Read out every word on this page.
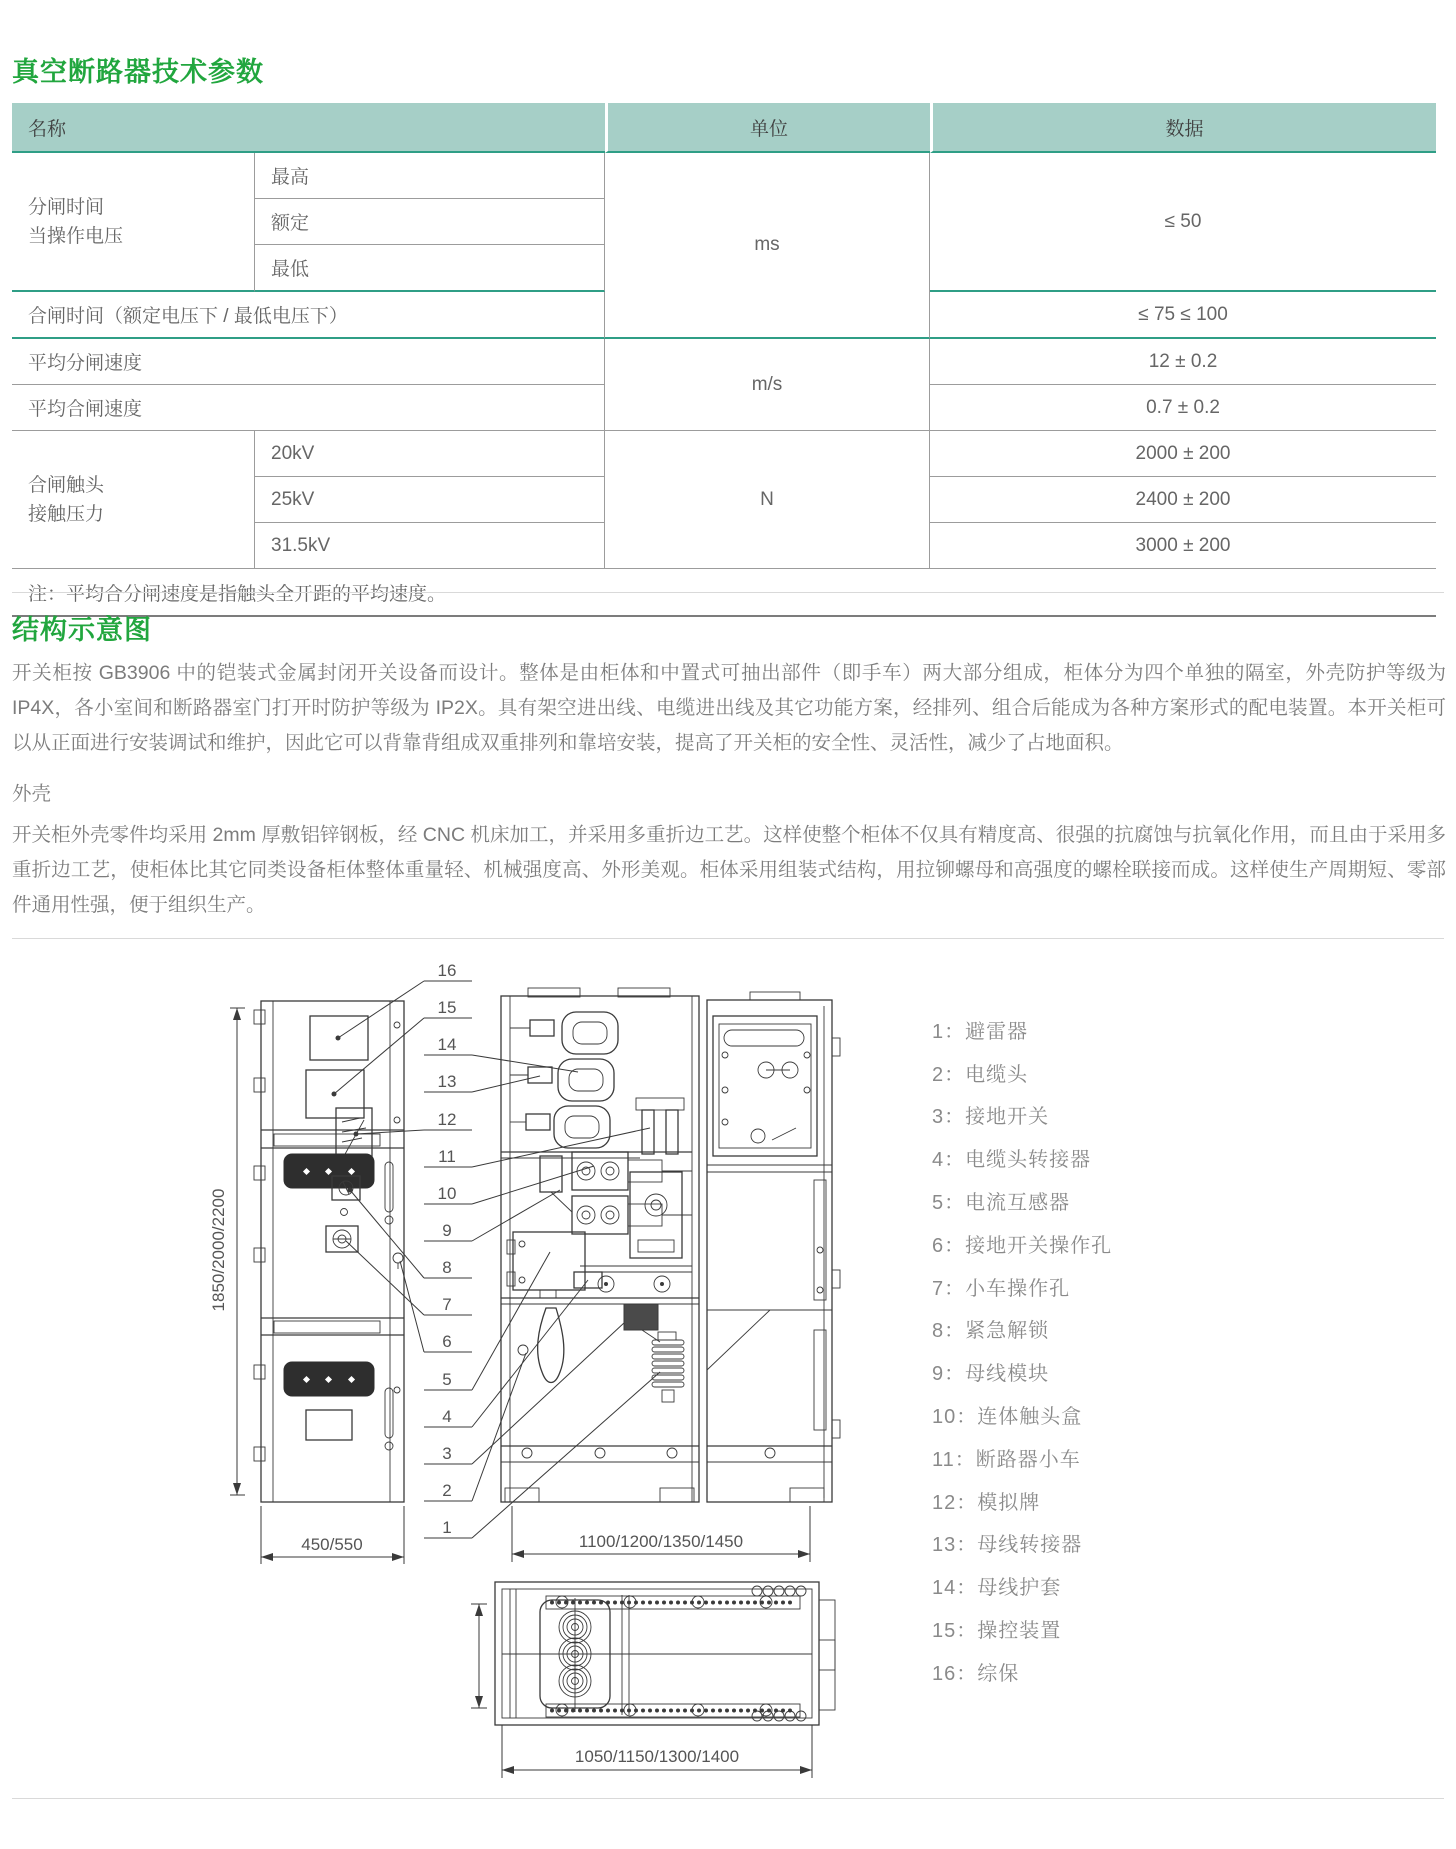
真空断路器技术参数
名称		单位	数据

分闸时间
当操作电压	最高	ms	≤ 50
	额定		
	最低		
合闸时间（额定电压下 / 最低电压下）			≤ 75 ≤ 100
平均分闸速度		m/s	12 ± 0.2
平均合闸速度			0.7 ± 0.2

合闸触头
接触压力	20kV	N	2000 ± 200
	25kV		2400 ± 200
	31.5kV		3000 ± 200
注：平均合分闸速度是指触头全开距的平均速度。			
结构示意图
开关柜按 GB3906 中的铠装式金属封闭开关设备而设计。整体是由柜体和中置式可抽出部件（即手车）两大部分组成，柜体分为四个单独的隔室，外壳防护等级为 IP4X，各小室间和断路器室门打开时防护等级为 IP2X。具有架空进出线、电缆进出线及其它功能方案，经排列、组合后能成为各种方案形式的配电装置。本开关柜可以从正面进行安装调试和维护，因此它可以背靠背组成双重排列和靠培安装，提高了开关柜的安全性、灵活性，减少了占地面积。
外壳
开关柜外壳零件均采用 2mm 厚敷铝锌钢板，经 CNC 机床加工，并采用多重折边工艺。这样使整个柜体不仅具有精度高、很强的抗腐蚀与抗氧化作用，而且由于采用多重折边工艺，使柜体比其它同类设备柜体整体重量轻、机械强度高、外形美观。柜体采用组装式结构，用拉铆螺母和高强度的螺栓联接而成。这样使生产周期短、零部件通用性强，便于组织生产。
1850/2000/2200
450/550
16
15
14
13
12
11
10
9
8
7
6
5
4
3
2
1
1100/1200/1350/1450
1050/1150/1300/1400
1：避雷器
2：电缆头
3：接地开关
4：电缆头转接器
5：电流互感器
6：接地开关操作孔
7：小车操作孔
8：紧急解锁
9：母线模块
10：连体触头盒
11：断路器小车
12：模拟牌
13：母线转接器
14：母线护套
15：操控装置
16：综保
